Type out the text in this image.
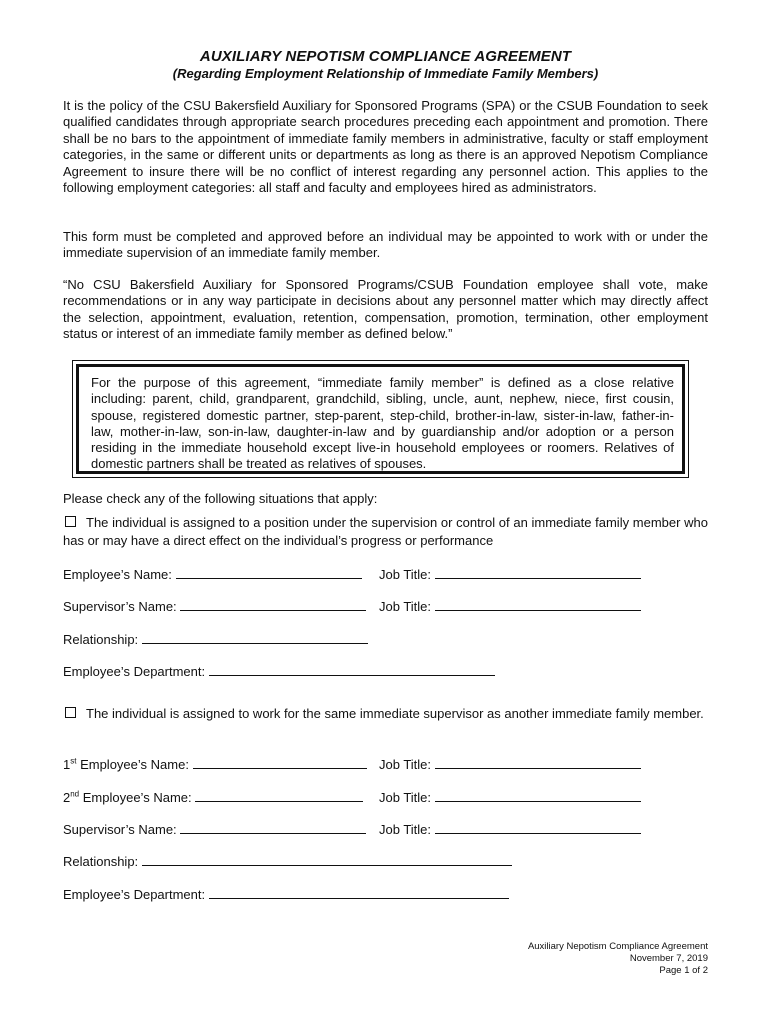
AUXILIARY NEPOTISM COMPLIANCE AGREEMENT
(Regarding Employment Relationship of Immediate Family Members)
It is the policy of the CSU Bakersfield Auxiliary for Sponsored Programs (SPA) or the CSUB Foundation to seek qualified candidates through appropriate search procedures preceding each appointment and promotion. There shall be no bars to the appointment of immediate family members in administrative, faculty or staff employment categories, in the same or different units or departments as long as there is an approved Nepotism Compliance Agreement to insure there will be no conflict of interest regarding any personnel action. This applies to the following employment categories: all staff and faculty and employees hired as administrators.
This form must be completed and approved before an individual may be appointed to work with or under the immediate supervision of an immediate family member.
“No CSU Bakersfield Auxiliary for Sponsored Programs/CSUB Foundation employee shall vote, make recommendations or in any way participate in decisions about any personnel matter which may directly affect the selection, appointment, evaluation, retention, compensation, promotion, termination, other employment status or interest of an immediate family member as defined below.”
For the purpose of this agreement, “immediate family member” is defined as a close relative including: parent, child, grandparent, grandchild, sibling, uncle, aunt, nephew, niece, first cousin, spouse, registered domestic partner, step-parent, step-child, brother-in-law, sister-in-law, father-in-law, mother-in-law, son-in-law, daughter-in-law and by guardianship and/or adoption or a person residing in the immediate household except live-in household employees or roomers. Relatives of domestic partners shall be treated as relatives of spouses.
Please check any of the following situations that apply:
The individual is assigned to a position under the supervision or control of an immediate family member who has or may have a direct effect on the individual’s progress or performance
Employee’s Name:	Job Title:
Supervisor’s Name:	Job Title:
Relationship:
Employee’s Department:
The individual is assigned to work for the same immediate supervisor as another immediate family member.
1st Employee’s Name:	Job Title:
2nd Employee’s Name:	Job Title:
Supervisor’s Name:	Job Title:
Relationship:
Employee’s Department:
Auxiliary Nepotism Compliance Agreement
November 7, 2019
Page 1 of 2
